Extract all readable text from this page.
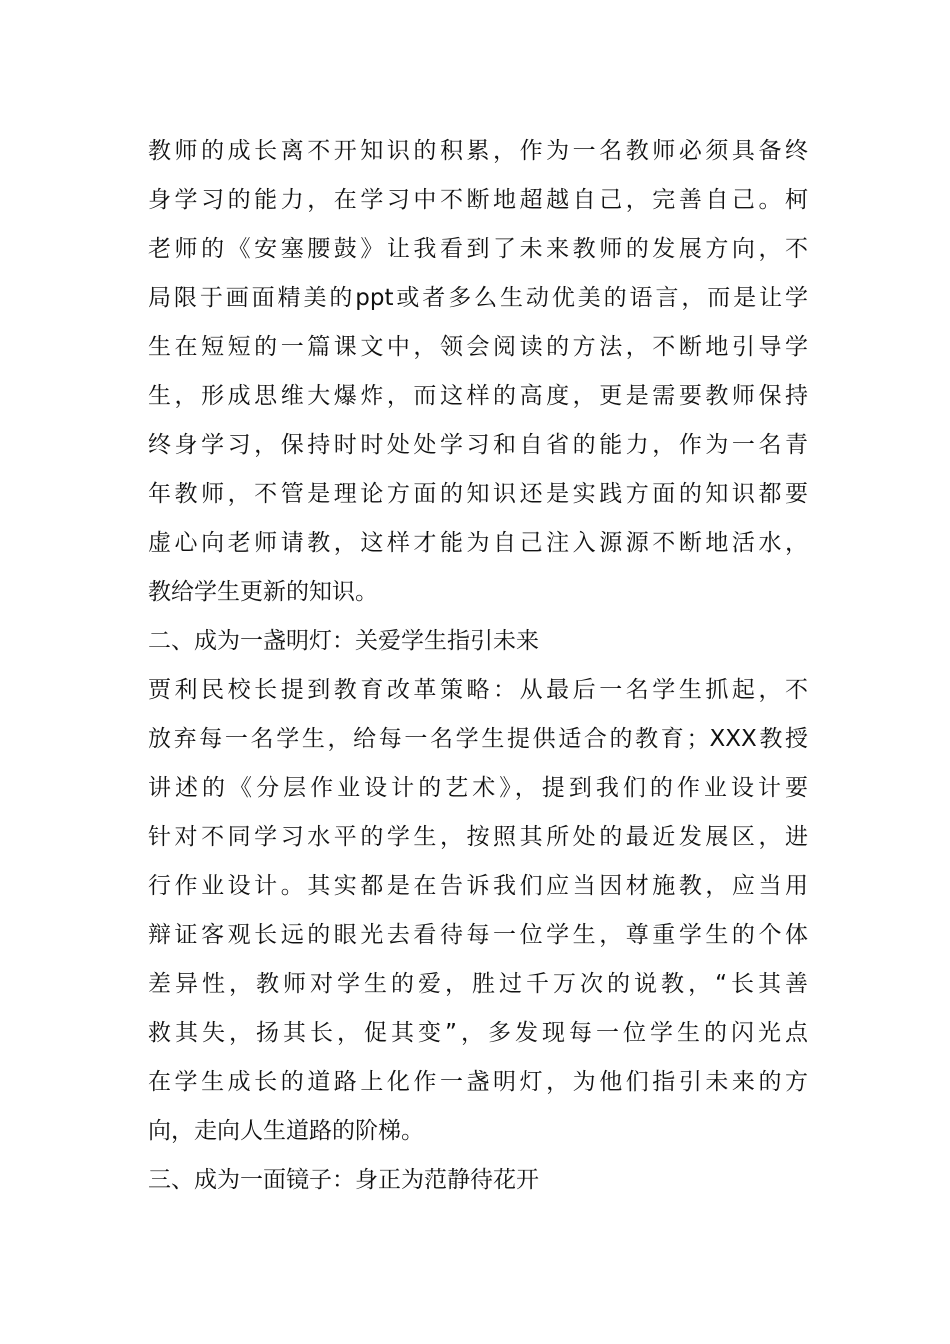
教师的成长离不开知识的积累，作为一名教师必须具备终
身学习的能力，在学习中不断地超越自己，完善自己。柯
老师的《安塞腰鼓》让我看到了未来教师的发展方向，不
局限于画面精美的ppt或者多么生动优美的语言，而是让学
生在短短的一篇课文中，领会阅读的方法，不断地引导学
生，形成思维大爆炸，而这样的高度，更是需要教师保持
终身学习，保持时时处处学习和自省的能力，作为一名青
年教师，不管是理论方面的知识还是实践方面的知识都要
虚心向老师请教，这样才能为自己注入源源不断地活水，
教给学生更新的知识。
二、成为一盏明灯：关爱学生指引未来
贾利民校长提到教育改革策略：从最后一名学生抓起，不
放弃每一名学生，给每一名学生提供适合的教育；XXX教授
讲述的《分层作业设计的艺术》，提到我们的作业设计要
针对不同学习水平的学生，按照其所处的最近发展区，进
行作业设计。其实都是在告诉我们应当因材施教，应当用
辩证客观长远的眼光去看待每一位学生，尊重学生的个体
差异性，教师对学生的爱，胜过千万次的说教，“长其善
救其失，扬其长，促其变”，多发现每一位学生的闪光点
在学生成长的道路上化作一盏明灯，为他们指引未来的方
向，走向人生道路的阶梯。
三、成为一面镜子：身正为范静待花开
